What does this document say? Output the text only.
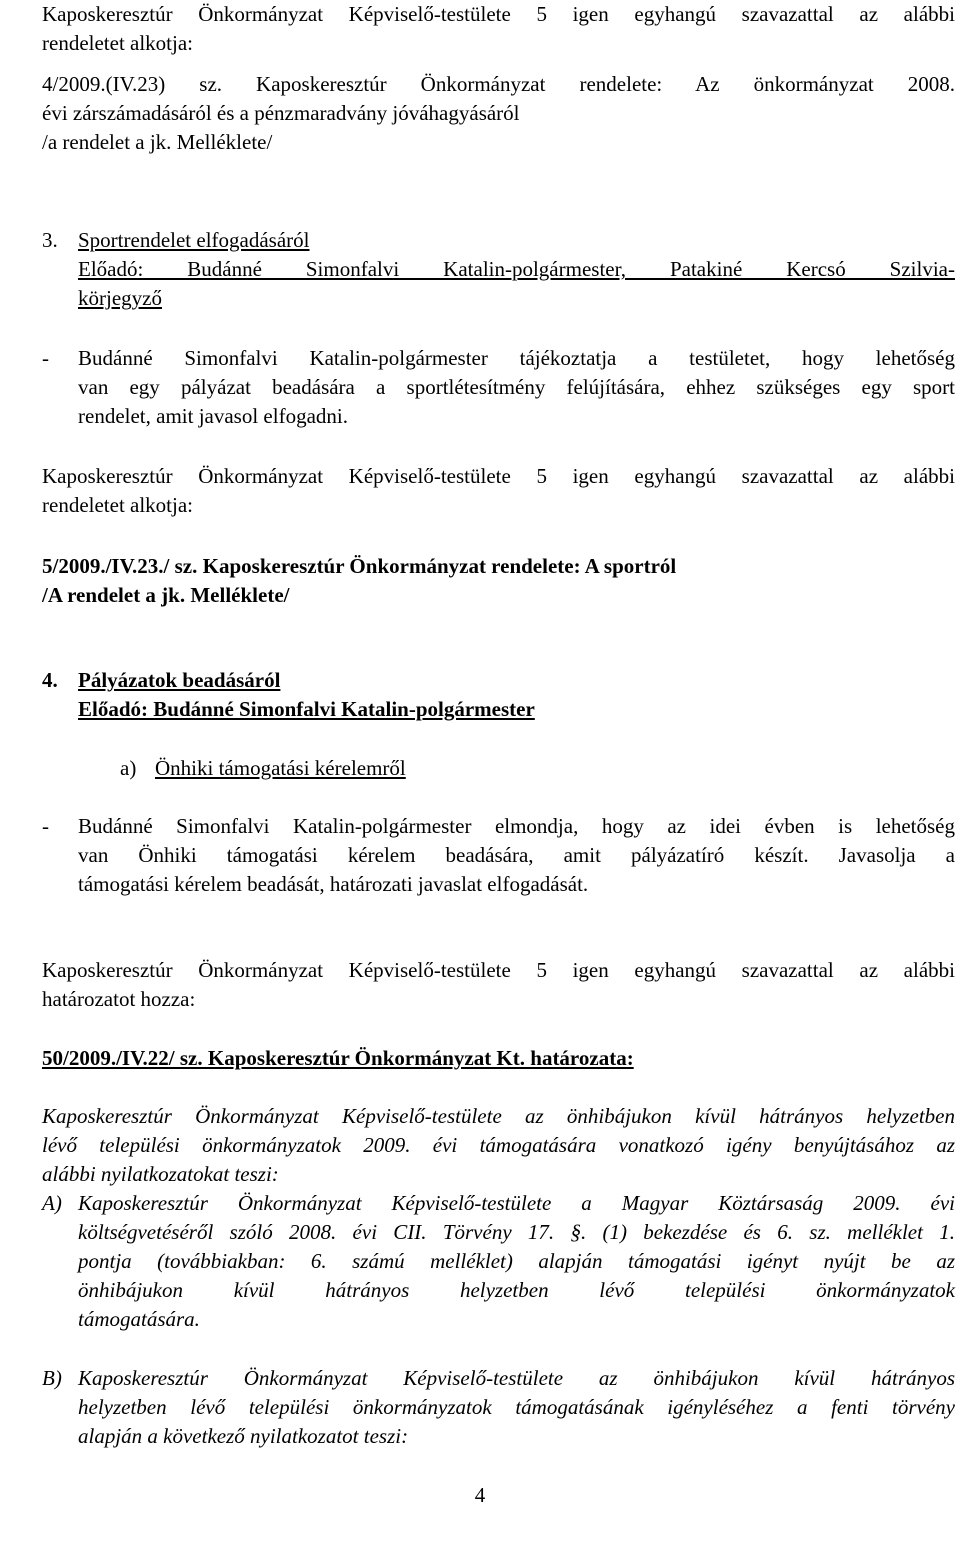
Kaposkeresztúr Önkormányzat Képviselő-testülete 5 igen egyhangú szavazattal az alábbi
rendeletet alkotja:
4/2009.(IV.23) sz. Kaposkeresztúr Önkormányzat rendelete: Az önkormányzat 2008.
évi zárszámadásáról és a pénzmaradvány jóváhagyásáról
/a rendelet a jk. Melléklete/
3. Sportrendelet elfogadásáról
Előadó: Budánné Simonfalvi Katalin-polgármester, Patakiné Kercsó Szilvia-
körjegyző
- Budánné Simonfalvi Katalin-polgármester tájékoztatja a testületet, hogy lehetőség
van egy pályázat beadására a sportlétesítmény felújítására, ehhez szükséges egy sport
rendelet, amit javasol elfogadni.
Kaposkeresztúr Önkormányzat Képviselő-testülete 5 igen egyhangú szavazattal az alábbi
rendeletet alkotja:
5/2009./IV.23./ sz. Kaposkeresztúr Önkormányzat rendelete: A sportról
/A rendelet a jk. Melléklete/
4. Pályázatok beadásáról
Előadó: Budánné Simonfalvi Katalin-polgármester
a) Önhiki támogatási kérelemről
- Budánné Simonfalvi Katalin-polgármester elmondja, hogy az idei évben is lehetőség
van Önhiki támogatási kérelem beadására, amit pályázatíró készít. Javasolja a
támogatási kérelem beadását, határozati javaslat elfogadását.
Kaposkeresztúr Önkormányzat Képviselő-testülete 5 igen egyhangú szavazattal az alábbi
határozatot hozza:
50/2009./IV.22/ sz. Kaposkeresztúr Önkormányzat Kt. határozata:
Kaposkeresztúr Önkormányzat Képviselő-testülete az önhibájukon kívül hátrányos helyzetben
lévő települési önkormányzatok 2009. évi támogatására vonatkozó igény benyújtásához az
alábbi nyilatkozatokat teszi:
A) Kaposkeresztúr Önkormányzat Képviselő-testülete a Magyar Köztársaság 2009. évi
költségvetéséről szóló 2008. évi CII. Törvény 17. §. (1) bekezdése és 6. sz. melléklet 1.
pontja (továbbiakban: 6. számú melléklet) alapján támogatási igényt nyújt be az
önhibájukon kívül hátrányos helyzetben lévő települési önkormányzatok
támogatására.
B) Kaposkeresztúr Önkormányzat Képviselő-testülete az önhibájukon kívül hátrányos
helyzetben lévő települési önkormányzatok támogatásának igényléséhez a fenti törvény
alapján a következő nyilatkozatot teszi:
4
